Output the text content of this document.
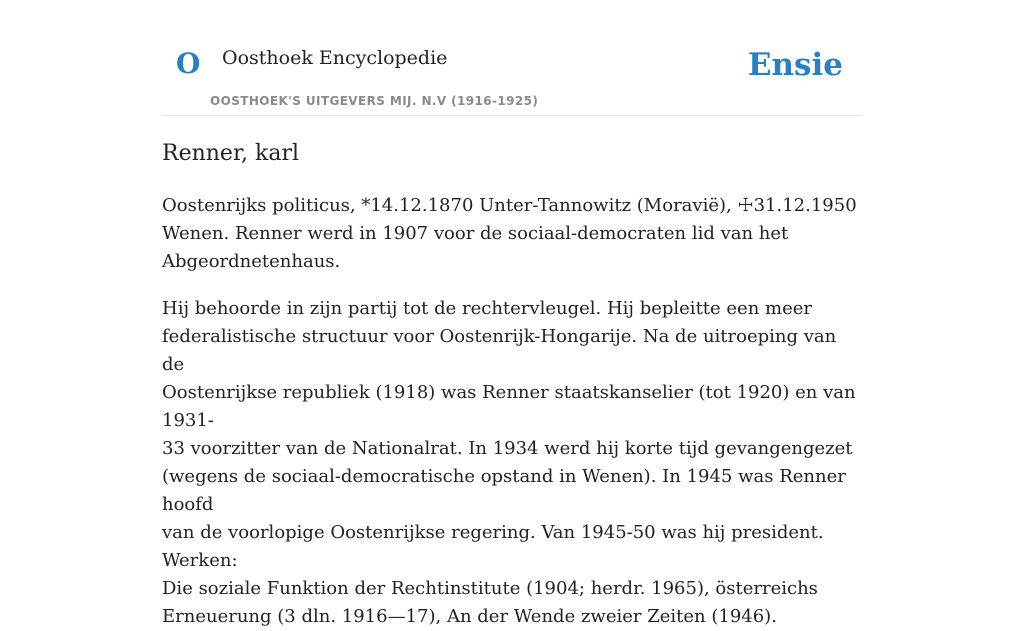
O Oosthoek Encyclopedie
OOSTHOEK'S UITGEVERS MIJ. N.V (1916-1925)
Ensie
Renner, karl

Oostenrijks politicus, *14.12.1870 Unter-Tannowitz (Moravië), ☩31.12.1950
Wenen. Renner werd in 1907 voor de sociaal-democraten lid van het
Abgeordnetenhaus.

Hij behoorde in zijn partij tot de rechtervleugel. Hij bepleitte een meer
federalistische structuur voor Oostenrijk-Hongarije. Na de uitroeping van de
Oostenrijkse republiek (1918) was Renner staatskanselier (tot 1920) en van 1931-
33 voorzitter van de Nationalrat. In 1934 werd hij korte tijd gevangengezet
(wegens de sociaal-democratische opstand in Wenen). In 1945 was Renner hoofd
van de voorlopige Oostenrijkse regering. Van 1945-50 was hij president. Werken:
Die soziale Funktion der Rechtinstitute (1904; herdr. 1965), österreichs
Erneuerung (3 dln. 1916—17), An der Wende zweier Zeiten (1946).
